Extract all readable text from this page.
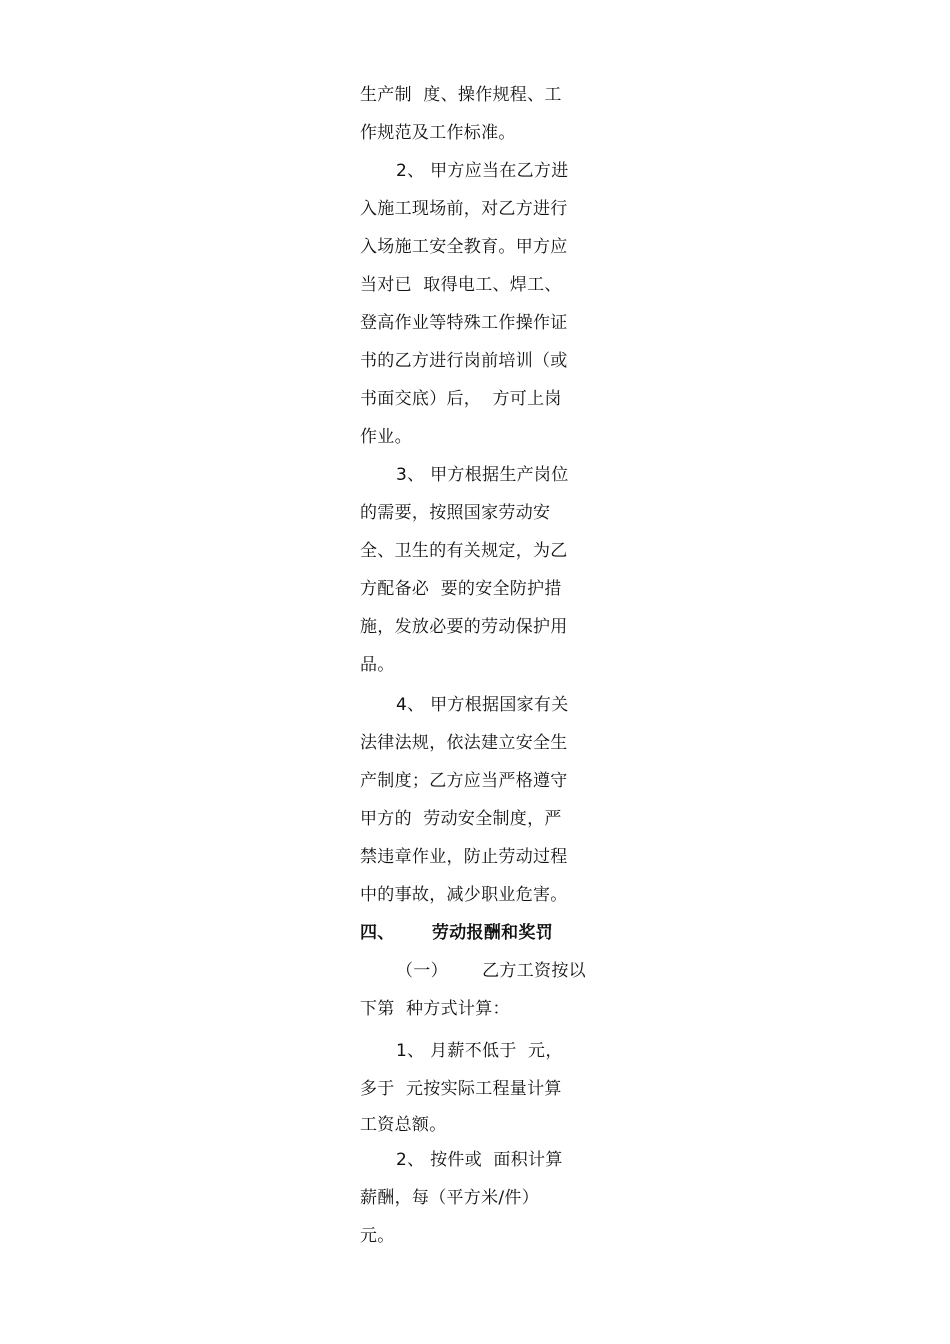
生产制  度、操作规程、工
作规范及工作标准。
2、 甲方应当在乙方进
入施工现场前，对乙方进行
入场施工安全教育。甲方应
当对已  取得电工、焊工、
登高作业等特殊工作操作证
书的乙方进行岗前培训（或
书面交底）后，  方可上岗
作业。
3、 甲方根据生产岗位
的需要，按照国家劳动安
全、卫生的有关规定，为乙
方配备必  要的安全防护措
施，发放必要的劳动保护用
品。
4、 甲方根据国家有关
法律法规，依法建立安全生
产制度；乙方应当严格遵守
甲方的  劳动安全制度，严
禁违章作业，防止劳动过程
中的事故，减少职业危害。
四、      劳动报酬和奖罚
（一）      乙方工资按以
下第  种方式计算：
1、 月薪不低于  元，
多于  元按实际工程量计算
工资总额。
2、 按件或  面积计算
薪酬，每（平方米/件）
元。
